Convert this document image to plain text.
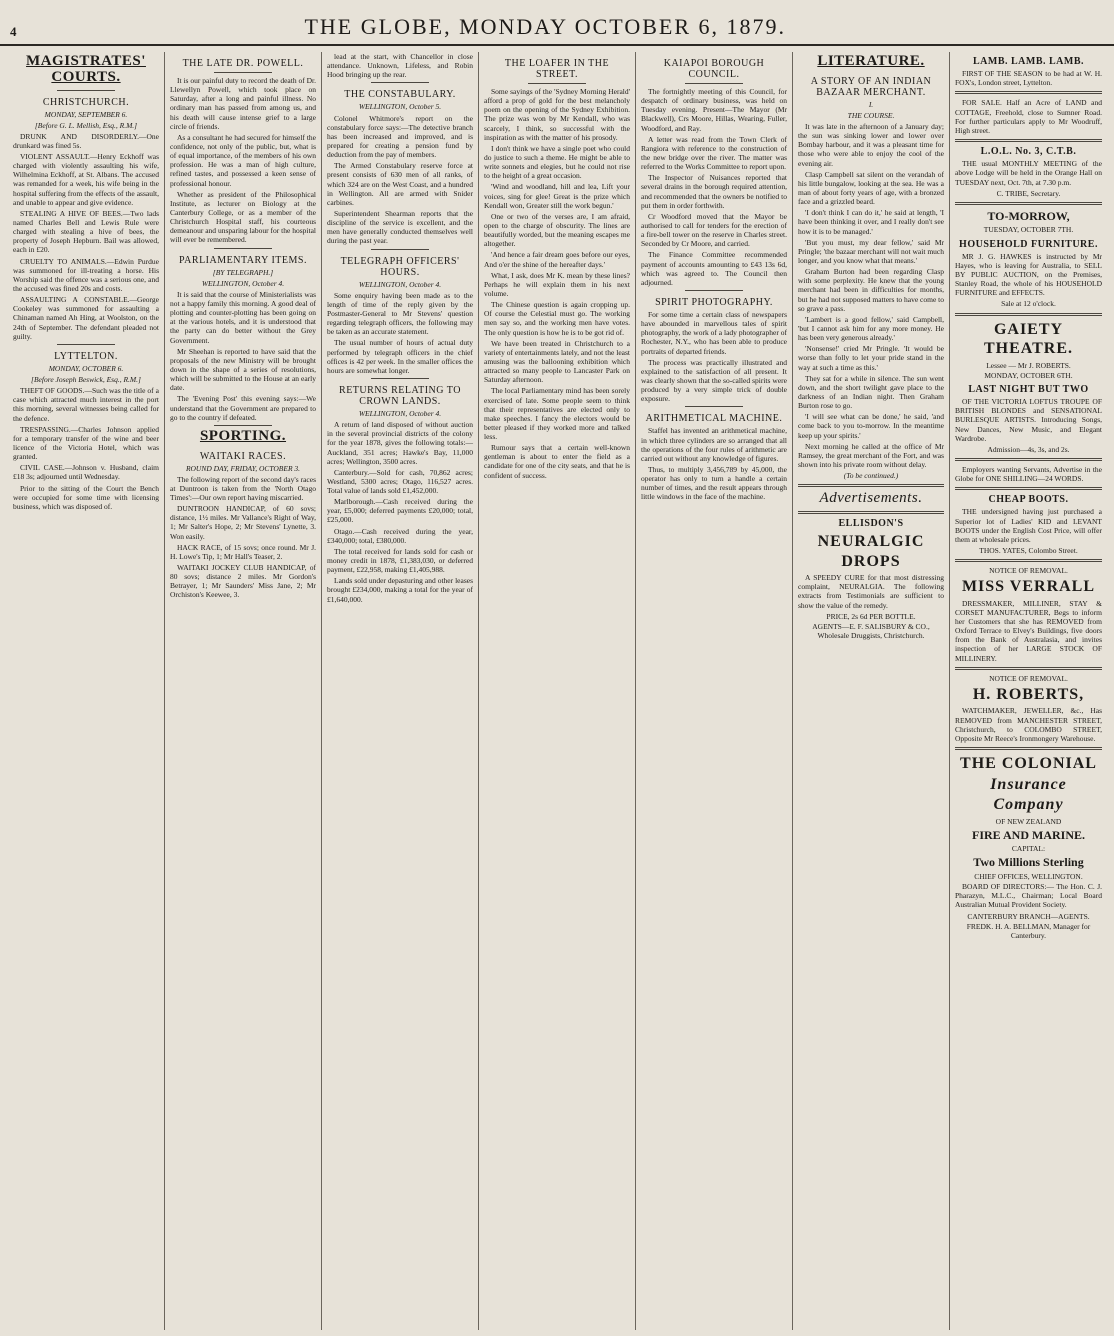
4	THE GLOBE, MONDAY OCTOBER 6, 1879.
MAGISTRATES' COURTS.
CHRISTCHURCH.
MONDAY, SEPTEMBER 6.
[Before G. L. Mellish, Esq., R.M.]

DRUNK AND DISORDERLY.—One drunkard was fined 5s.

VIOLENT ASSAULT.—Henry Eckhoff was charged with violently assaulting his wife, Wilhelmina Eckhoff, at St. Albans. The accused was remanded for a week, his wife being in the hospital suffering from the effects of the assault, and unable to appear and give evidence.

STEALING A HIVE OF BEES.—Two lads named Charles Bell and Lewis Rule were charged with stealing a hive of bees, the property of Joseph Hepburn. Bail was allowed, each in £20.

CRUELTY TO ANIMALS.—Edwin Purdue was summoned for ill-treating a horse. His Worship said the offence was a serious one, and the accused was fined 20s and costs.

ASSAULTING A CONSTABLE.—George Cookeley was summoned for assaulting a Chinaman named Ah Hing, at Woolston, on the 24th of September. The defendant pleaded not guilty.

LYTTELTON.
MONDAY, OCTOBER 6.
[Before Joseph Beswick, Esq., R.M.]

THEFT OF GOODS.—Such was the title of a case which attracted much interest in the port this morning, several witnesses being called for the defence.

TRESPASSING.—Charles Johnson applied for a temporary transfer of the wine and beer licence of the Victoria Hotel, which was granted.

CIVIL CASE.—Johnson v. Husband, claim £18 3s; adjourned until Wednesday.

Prior to the sitting of the Court the Bench were occupied for some time with licensing business, which was disposed of.

THE LATE DR. POWELL.

It is our painful duty to record the death of Dr. Llewellyn Powell, which took place on Saturday, after a long and painful illness. No ordinary man has passed from among us, and his death will cause intense grief to a large circle of friends.

As a consultant he had secured for himself the confidence, not only of the public, but, what is of equal importance, of the members of his own profession. He was a man of high culture, refined tastes, and possessed a keen sense of professional honour.

Whether as president of the Philosophical Institute, as lecturer on Biology at the Canterbury College, or as a member of the Christchurch Hospital staff, his courteous demeanour and unsparing labour for the hospital will ever be remembered.

PARLIAMENTARY ITEMS.
[BY TELEGRAPH.]
WELLINGTON, October 4.

It is said that the course of Ministerialists was not a happy family this morning. A good deal of plotting and counter-plotting has been going on at the various hotels, and it is understood that the party can do better without the Grey Government.

Mr Sheehan is reported to have said that the proposals of the new Ministry will be brought down in the shape of a series of resolutions, which will be submitted to the House at an early date.

The 'Evening Post' this evening says:—We understand that the Government are prepared to go to the country if defeated.

SPORTING.
WAITAKI RACES.
ROUND DAY, FRIDAY, OCTOBER 3.

The following report of the second day's races at Duntroon is taken from the 'North Otago Times':—Our own report having miscarried.

DUNTROON HANDICAP, of 60 sovs; distance, 1½ miles. Mr Vallance's Right of Way, 1; Mr Salter's Hope, 2; Mr Stevens' Lynette, 3. Won easily.

HACK RACE, of 15 sovs; once round. Mr J. H. Lowe's Tip, 1; Mr Hall's Teaser, 2.

WAITAKI JOCKEY CLUB HANDICAP, of 80 sovs; distance 2 miles. Mr Gordon's Betrayer, 1; Mr Saunders' Miss Jane, 2; Mr Orchiston's Keewee, 3.

lead at the start, with Chancellor in close attendance. Unknown, Lifeless, and Robin Hood bringing up the rear.

THE CONSTABULARY.
WELLINGTON, October 5.

Colonel Whitmore's report on the constabulary force says:—The detective branch has been increased and improved, and is prepared for creating a pension fund by deduction from the pay of members.

The Armed Constabulary reserve force at present consists of 630 men of all ranks, of which 324 are on the West Coast, and a hundred in Wellington. All are armed with Snider carbines.

Superintendent Shearman reports that the discipline of the service is excellent, and the men have generally conducted themselves well during the past year.

TELEGRAPH OFFICERS' HOURS.
WELLINGTON, October 4.

Some enquiry having been made as to the length of time of the reply given by the Postmaster-General to Mr Stevens' question regarding telegraph officers, the following may be taken as an accurate statement.

The usual number of hours of actual duty performed by telegraph officers in the chief offices is 42 per week. In the smaller offices the hours are somewhat longer.

RETURNS RELATING TO CROWN LANDS.
WELLINGTON, October 4.

A return of land disposed of without auction in the several provincial districts of the colony for the year 1878, gives the following totals:—Auckland, 351 acres; Hawke's Bay, 11,000 acres; Wellington, 3500 acres.

Canterbury.—Sold for cash, 70,862 acres; Westland, 5300 acres; Otago, 116,527 acres. Total value of lands sold £1,452,000.

Marlborough.—Cash received during the year, £5,000; deferred payments £20,000; total, £25,000.

Otago.—Cash received during the year, £340,000; total, £380,000.

The total received for lands sold for cash or money credit in 1878, £1,383,030, or deferred payment, £22,958, making £1,405,988.

Lands sold under depasturing and other leases brought £234,000, making a total for the year of £1,640,000.

THE LOAFER IN THE STREET.

Some sayings of the 'Sydney Morning Herald' afford a prop of gold for the best melancholy poem on the opening of the Sydney Exhibition. The prize was won by Mr Kendall, who was scarcely, I think, so successful with the inspiration as with the matter of his prosody.

I don't think we have a single poet who could do justice to such a theme. He might be able to write sonnets and elegies, but he could not rise to the height of a great occasion.

'Wind and woodland, hill and lea, Lift your voices, sing for glee! Great is the prize which Kendall won, Greater still the work begun.'

One or two of the verses are, I am afraid, open to the charge of obscurity. The lines are beautifully worded, but the meaning escapes me altogether.

'And hence a fair dream goes before our eyes, And o'er the shine of the hereafter days.'

What, I ask, does Mr K. mean by these lines? Perhaps he will explain them in his next volume.

The Chinese question is again cropping up. Of course the Celestial must go. The working men say so, and the working men have votes. The only question is how he is to be got rid of.

We have been treated in Christchurch to a variety of entertainments lately, and not the least amusing was the ballooning exhibition which attracted so many people to Lancaster Park on Saturday afternoon.

The local Parliamentary mind has been sorely exercised of late. Some people seem to think that their representatives are elected only to make speeches. I fancy the electors would be better pleased if they worked more and talked less.

Rumour says that a certain well-known gentleman is about to enter the field as a candidate for one of the city seats, and that he is confident of success.

KAIAPOI BOROUGH COUNCIL.

The fortnightly meeting of this Council, for despatch of ordinary business, was held on Tuesday evening. Present—The Mayor (Mr Blackwell), Crs Moore, Hillas, Wearing, Fuller, Woodford, and Ray.

A letter was read from the Town Clerk of Rangiora with reference to the construction of the new bridge over the river. The matter was referred to the Works Committee to report upon.

The Inspector of Nuisances reported that several drains in the borough required attention, and recommended that the owners be notified to put them in order forthwith.

Cr Woodford moved that the Mayor be authorised to call for tenders for the erection of a fire-bell tower on the reserve in Charles street. Seconded by Cr Moore, and carried.

The Finance Committee recommended payment of accounts amounting to £43 13s 6d, which was agreed to. The Council then adjourned.

SPIRIT PHOTOGRAPHY.

For some time a certain class of newspapers have abounded in marvellous tales of spirit photography, the work of a lady photographer of Rochester, N.Y., who has been able to produce portraits of departed friends.

The process was practically illustrated and explained to the satisfaction of all present. It was clearly shown that the so-called spirits were produced by a very simple trick of double exposure.

ARITHMETICAL MACHINE.

Staffel has invented an arithmetical machine, in which three cylinders are so arranged that all the operations of the four rules of arithmetic are carried out without any knowledge of figures.

Thus, to multiply 3,456,789 by 45,000, the operator has only to turn a handle a certain number of times, and the result appears through little windows in the face of the machine.

LITERATURE.
A STORY OF AN INDIAN BAZAAR MERCHANT.
I.
THE COURSE.

It was late in the afternoon of a January day; the sun was sinking lower and lower over Bombay harbour, and it was a pleasant time for those who were able to enjoy the cool of the evening air.

Clasp Campbell sat silent on the verandah of his little bungalow, looking at the sea. He was a man of about forty years of age, with a bronzed face and a grizzled beard.

'I don't think I can do it,' he said at length, 'I have been thinking it over, and I really don't see how it is to be managed.'

'But you must, my dear fellow,' said Mr Pringle; 'the bazaar merchant will not wait much longer, and you know what that means.'

Graham Burton had been regarding Clasp with some perplexity. He knew that the young merchant had been in difficulties for months, but he had not supposed matters to have come to so grave a pass.

'Lambert is a good fellow,' said Campbell, 'but I cannot ask him for any more money. He has been very generous already.'

'Nonsense!' cried Mr Pringle. 'It would be worse than folly to let your pride stand in the way at such a time as this.'

They sat for a while in silence. The sun went down, and the short twilight gave place to the darkness of an Indian night. Then Graham Burton rose to go.

'I will see what can be done,' he said, 'and come back to you to-morrow. In the meantime keep up your spirits.'

Next morning he called at the office of Mr Ramsey, the great merchant of the Fort, and was shown into his private room without delay.

(To be continued.)
Advertisements.
ELLISDON'S
NEURALGIC DROPS

A SPEEDY CURE for that most distressing complaint, NEURALGIA. The following extracts from Testimonials are sufficient to show the value of the remedy.

PRICE, 2s 6d PER BOTTLE.
AGENTS—E. F. SALISBURY & CO., Wholesale Druggists, Christchurch.
LAMB. LAMB. LAMB.

FIRST OF THE SEASON to be had at W. H. FOX's, London street, Lyttelton.

FOR SALE. Half an Acre of LAND and COTTAGE, Freehold, close to Sumner Road. For further particulars apply to Mr Woodruff, High street.

L.O.L. No. 3, C.T.B.

THE usual MONTHLY MEETING of the above Lodge will be held in the Orange Hall on TUESDAY next, Oct. 7th, at 7.30 p.m.

C. TRIBE, Secretary.
TO-MORROW,
TUESDAY, OCTOBER 7TH.
HOUSEHOLD FURNITURE.

MR J. G. HAWKES is instructed by Mr Hayes, who is leaving for Australia, to SELL BY PUBLIC AUCTION, on the Premises, Stanley Road, the whole of his HOUSEHOLD FURNITURE and EFFECTS.

Sale at 12 o'clock.
GAIETY THEATRE.
Lessee — Mr J. ROBERTS.
MONDAY, OCTOBER 6TH.
LAST NIGHT BUT TWO

OF THE VICTORIA LOFTUS TROUPE OF BRITISH BLONDES and SENSATIONAL BURLESQUE ARTISTS. Introducing Songs, New Dances, New Music, and Elegant Wardrobe.

Admission—4s, 3s, and 2s.

Employers wanting Servants, Advertise in the Globe for ONE SHILLING—24 WORDS.

CHEAP BOOTS.

THE undersigned having just purchased a Superior lot of Ladies' KID and LEVANT BOOTS under the English Cost Price, will offer them at wholesale prices.

THOS. YATES, Colombo Street.
NOTICE OF REMOVAL.
MISS VERRALL

DRESSMAKER, MILLINER, STAY & CORSET MANUFACTURER, Begs to inform her Customers that she has REMOVED from Oxford Terrace to Elvey's Buildings, five doors from the Bank of Australasia, and invites inspection of her LARGE STOCK OF MILLINERY.

NOTICE OF REMOVAL.
H. ROBERTS,

WATCHMAKER, JEWELLER, &c., Has REMOVED from MANCHESTER STREET, Christchurch, to COLOMBO STREET, Opposite Mr Reece's Ironmongery Warehouse.

THE COLONIAL
Insurance Company
OF NEW ZEALAND
FIRE AND MARINE.
CAPITAL:
Two Millions Sterling
CHIEF OFFICES, WELLINGTON.

BOARD OF DIRECTORS:— The Hon. C. J. Pharazyn, M.L.C., Chairman; Local Board Australian Mutual Provident Society.

CANTERBURY BRANCH—AGENTS.
FREDK. H. A. BELLMAN, Manager for Canterbury.
